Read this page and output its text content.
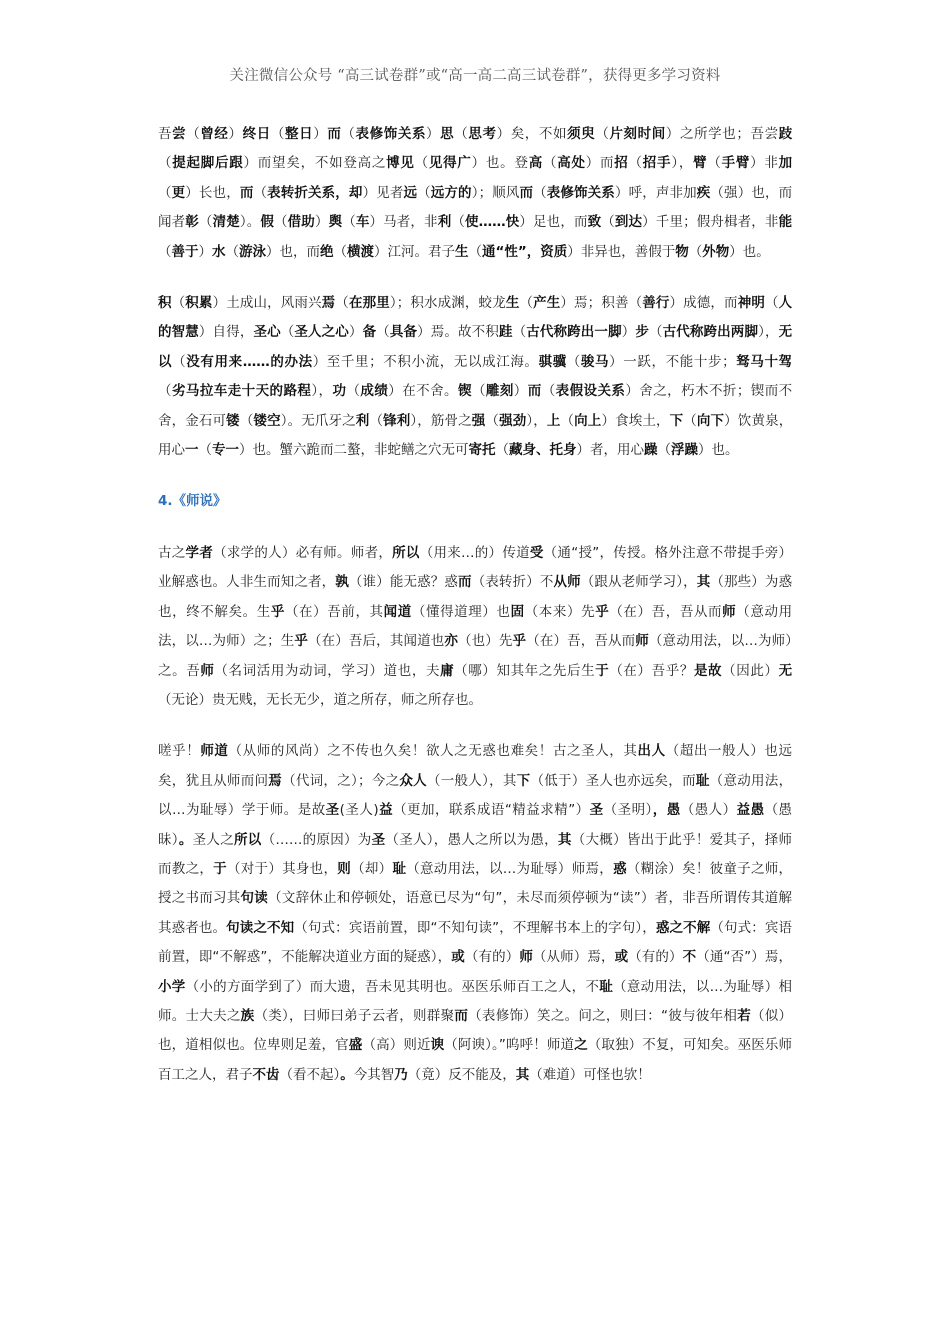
关注微信公众号 “高三试卷群”或“高一高二高三试卷群”，获得更多学习资料

吾尝（曾经）终日（整日）而（表修饰关系）思（思考）矣，不如须臾（片刻时间）之所学也；吾尝跂（提起脚后跟）而望矣，不如登高之博见（见得广）也。登高（高处）而招（招手），臂（手臂）非加（更）长也，而（表转折关系，却）见者远（远方的）；顺风而（表修饰关系）呼，声非加疾（强）也，而闻者彰（清楚）。假（借助）舆（车）马者，非利（使……快）足也，而致（到达）千里；假舟楫者，非能（善于）水（游泳）也，而绝（横渡）江河。君子生（通“性”，资质）非异也，善假于物（外物）也。

积（积累）土成山，风雨兴焉（在那里）；积水成渊，蛟龙生（产生）焉；积善（善行）成德，而神明（人的智慧）自得，圣心（圣人之心）备（具备）焉。故不积跬（古代称跨出一脚）步（古代称跨出两脚），无以（没有用来……的办法）至千里；不积小流，无以成江海。骐骥（骏马）一跃，不能十步；驽马十驾（劣马拉车走十天的路程），功（成绩）在不舍。锲（雕刻）而（表假设关系）舍之，朽木不折；锲而不舍，金石可镂（镂空）。无爪牙之利（锋利），筋骨之强（强劲），上（向上）食埃土，下（向下）饮黄泉，用心一（专一）也。蟹六跪而二螯，非蛇鳝之穴无可寄托（藏身、托身）者，用心躁（浮躁）也。

4.《师说》

古之学者（求学的人）必有师。师者，所以（用来…的）传道受（通“授”，传授。格外注意不带提手旁）业解惑也。人非生而知之者，孰（谁）能无惑？惑而（表转折）不从师（跟从老师学习），其（那些）为惑也，终不解矣。生乎（在）吾前，其闻道（懂得道理）也固（本来）先乎（在）吾，吾从而师（意动用法，以…为师）之；生乎（在）吾后，其闻道也亦（也）先乎（在）吾，吾从而师（意动用法，以…为师）之。吾师（名词活用为动词，学习）道也，夫庸（哪）知其年之先后生于（在）吾乎？是故（因此）无（无论）贵无贱，无长无少，道之所存，师之所存也。

嗟乎！师道（从师的风尚）之不传也久矣！欲人之无惑也难矣！古之圣人，其出人（超出一般人）也远矣，犹且从师而问焉（代词，之）；今之众人（一般人），其下（低于）圣人也亦远矣，而耻（意动用法，以…为耻辱）学于师。是故圣(圣人)益（更加，联系成语“精益求精”）圣（圣明），愚（愚人）益愚（愚昧）。圣人之所以（……的原因）为圣（圣人），愚人之所以为愚，其（大概）皆出于此乎！爱其子，择师而教之，于（对于）其身也，则（却）耻（意动用法，以…为耻辱）师焉，惑（糊涂）矣！彼童子之师，授之书而习其句读（文辞休止和停顿处，语意已尽为“句”，未尽而须停顿为“读”）者，非吾所谓传其道解其惑者也。句读之不知（句式：宾语前置，即“不知句读”，不理解书本上的字句），惑之不解（句式：宾语前置，即“不解惑”，不能解决道业方面的疑惑），或（有的）师（从师）焉，或（有的）不（通“否”）焉，小学（小的方面学到了）而大遗，吾未见其明也。巫医乐师百工之人，不耻（意动用法，以…为耻辱）相师。士大夫之族（类），曰师曰弟子云者，则群聚而（表修饰）笑之。问之，则曰：“彼与彼年相若（似）也，道相似也。位卑则足羞，官盛（高）则近谀（阿谀）。”呜呼！师道之（取独）不复，可知矣。巫医乐师百工之人，君子不齿（看不起）。今其智乃（竟）反不能及，其（难道）可怪也欤！
